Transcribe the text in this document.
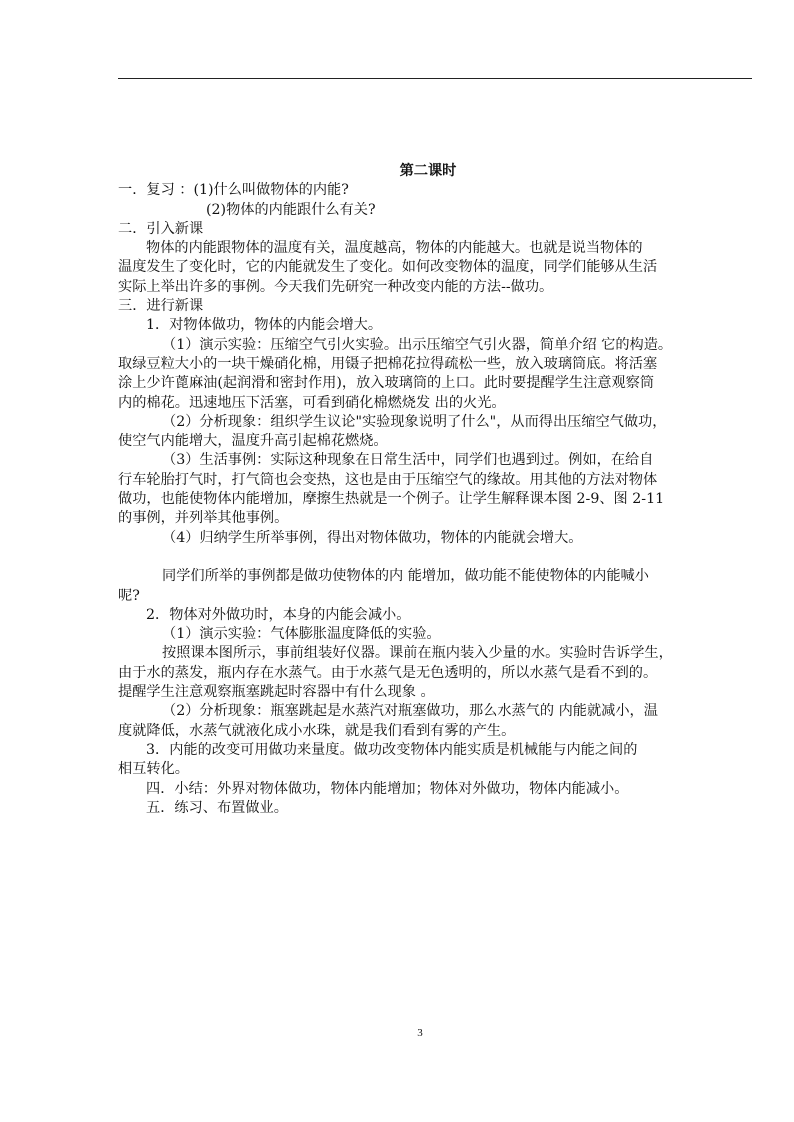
第二课时

一．复习 ：(1)什么叫做物体的内能?

(2)物体的内能跟什么有关?

二．引入新课

物体的内能跟物体的温度有关，温度越高，物体的内能越大。也就是说当物体的

温度发生了变化时，它的内能就发生了变化。如何改变物体的温度，同学们能够从生活

实际上举出许多的事例。今天我们先研究一种改变内能的方法--做功。

三．进行新课

1．对物体做功，物体的内能会增大。

（1）演示实验：压缩空气引火实验。出示压缩空气引火器，简单介绍 它的构造。

取绿豆粒大小的一块干燥硝化棉，用镊子把棉花拉得疏松一些，放入玻璃筒底。将活塞

涂上少许蓖麻油(起润滑和密封作用)，放入玻璃筒的上口。此时要提醒学生注意观察筒

内的棉花。迅速地压下活塞，可看到硝化棉燃烧发 出的火光。

（2）分析现象：组织学生议论"实验现象说明了什么"，从而得出压缩空气做功，

使空气内能增大，温度升高引起棉花燃烧。

（3）生活事例：实际这种现象在日常生活中，同学们也遇到过。例如，在给自

行车轮胎打气时，打气筒也会变热，这也是由于压缩空气的缘故。用其他的方法对物体

做功，也能使物体内能增加，摩擦生热就是一个例子。让学生解释课本图 2-9、图 2-11

的事例，并列举其他事例。

（4）归纳学生所举事例，得出对物体做功，物体的内能就会增大。

同学们所举的事例都是做功使物体的内 能增加，做功能不能使物体的内能喊小

呢?

2．物体对外做功时，本身的内能会减小。

（1）演示实验：气体膨胀温度降低的实验。

按照课本图所示，事前组装好仪器。课前在瓶内装入少量的水。实验时告诉学生，

由于水的蒸发，瓶内存在水蒸气。由于水蒸气是无色透明的，所以水蒸气是看不到的。

提醒学生注意观察瓶塞跳起时容器中有什么现象 。

（2）分析现象：瓶塞跳起是水蒸汽对瓶塞做功，那么水蒸气的 内能就减小，温

度就降低，水蒸气就液化成小水珠，就是我们看到有雾的产生。

3．内能的改变可用做功来量度。做功改变物体内能实质是机械能与内能之间的

相互转化。

四．小结：外界对物体做功，物体内能增加；物体对外做功，物体内能减小。

五．练习、布置做业。

3
